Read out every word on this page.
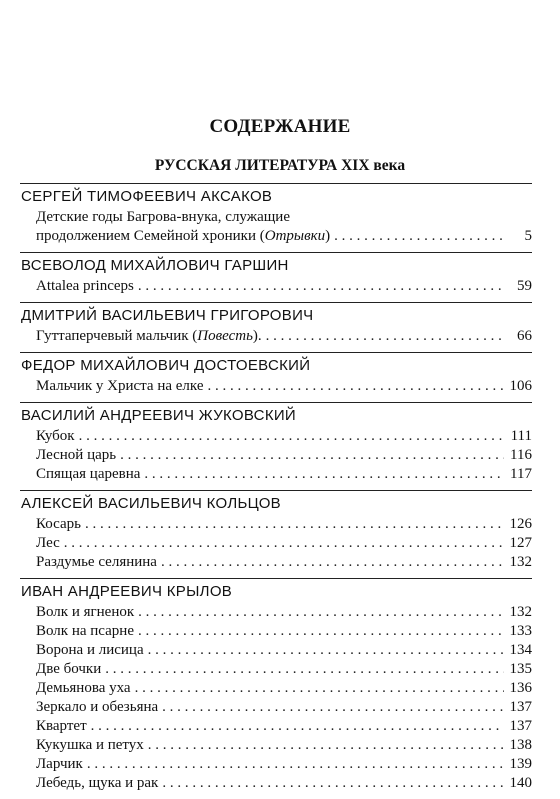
СОДЕРЖАНИЕ
РУССКАЯ ЛИТЕРАТУРА XIX века
СЕРГЕЙ ТИМОФЕЕВИЧ АКСАКОВ
Детские годы Багрова-внука, служащие
продолжением Семейной хроники (Отрывки) . . .	5
ВСЕВОЛОД МИХАЙЛОВИЧ ГАРШИН
Attalea princeps . . .	59
ДМИТРИЙ ВАСИЛЬЕВИЧ ГРИГОРОВИЧ
Гуттаперчевый мальчик (Повесть). . . .	66
ФЕДОР МИХАЙЛОВИЧ ДОСТОЕВСКИЙ
Мальчик у Христа на елке . . .	106
ВАСИЛИЙ АНДРЕЕВИЧ ЖУКОВСКИЙ
Кубок . . .	111
Лесной царь . . .	116
Спящая царевна . . .	117
АЛЕКСЕЙ ВАСИЛЬЕВИЧ КОЛЬЦОВ
Косарь . . .	126
Лес . . .	127
Раздумье селянина . . .	132
ИВАН АНДРЕЕВИЧ КРЫЛОВ
Волк и ягненок . . .	132
Волк на псарне . . .	133
Ворона и лисица . . .	134
Две бочки . . .	135
Демьянова уха . . .	136
Зеркало и обезьяна . . .	137
Квартет . . .	137
Кукушка и петух . . .	138
Ларчик . . .	139
Лебедь, щука и рак . . .	140
